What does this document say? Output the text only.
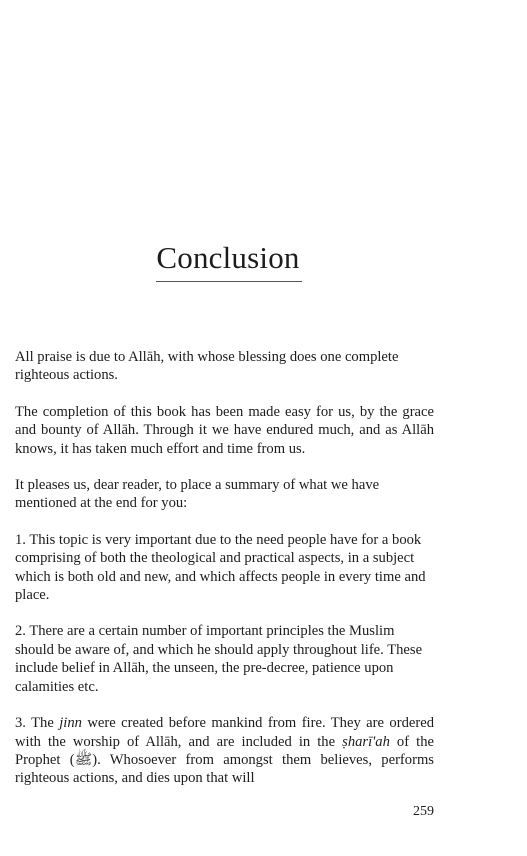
Conclusion

All praise is due to Allāh, with whose blessing does one complete righteous actions.

The completion of this book has been made easy for us, by the grace and bounty of Allāh. Through it we have endured much, and as Allāh knows, it has taken much effort and time from us.

It pleases us, dear reader, to place a summary of what we have mentioned at the end for you:

1. This topic is very important due to the need people have for a book comprising of both the theological and practical aspects, in a subject which is both old and new, and which affects people in every time and place.

2. There are a certain number of important principles the Muslim should be aware of, and which he should apply throughout life. These include belief in Allāh, the unseen, the pre-decree, patience upon calamities etc.

3. The jinn were created before mankind from fire. They are ordered with the worship of Allāh, and are included in the ṣharī'ah of the Prophet (ﷺ). Whosoever from amongst them believes, performs righteous actions, and dies upon that will

259
